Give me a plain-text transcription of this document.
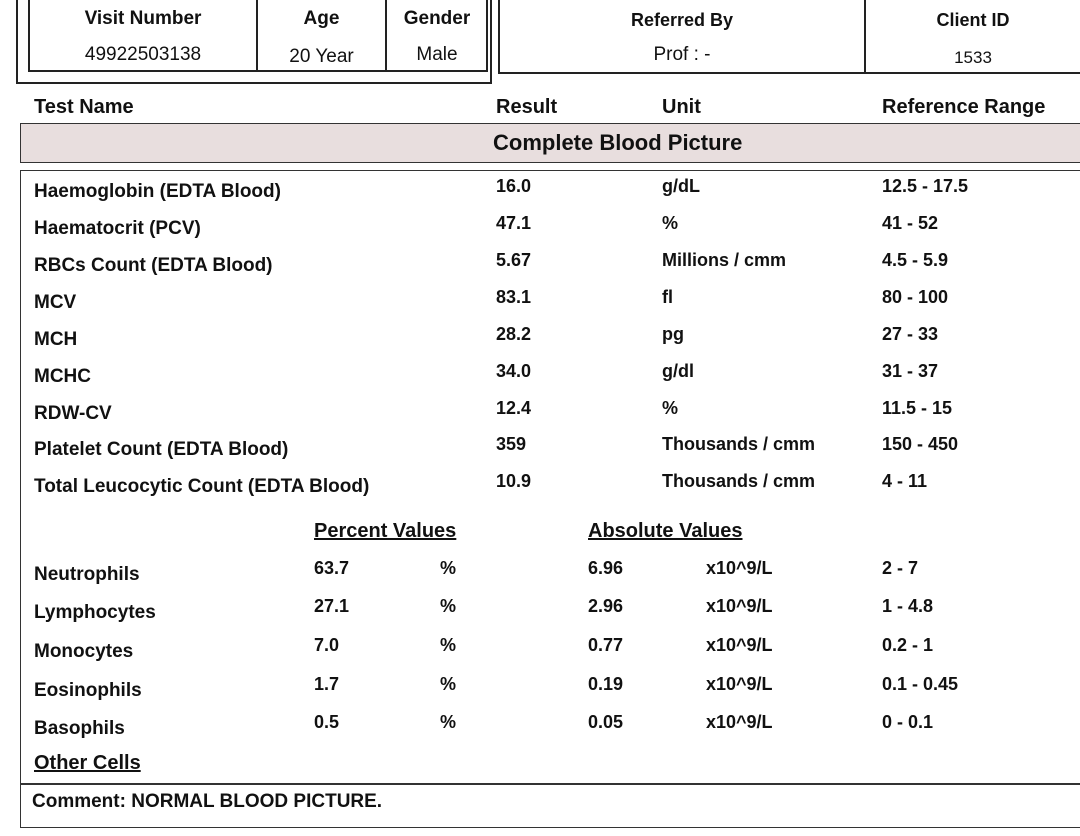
Visit Number
49922503138
Age
20 Year
Gender
Male
Referred By
Prof : -
Client ID
1533
Test Name	Result	Unit	Reference Range
Complete Blood Picture
Haemoglobin (EDTA Blood)	16.0	g/dL	12.5 - 17.5
Haematocrit (PCV)	47.1	%	41 - 52
RBCs Count (EDTA Blood)	5.67	Millions / cmm	4.5 - 5.9
MCV	83.1	fl	80 - 100
MCH	28.2	pg	27 - 33
MCHC	34.0	g/dl	31 - 37
RDW-CV	12.4	%	11.5 - 15
Platelet Count (EDTA Blood)	359	Thousands / cmm	150 - 450
Total Leucocytic Count (EDTA Blood)	10.9	Thousands / cmm	4 - 11
Percent Values	Absolute Values
Neutrophils	63.7	%	6.96	x10^9/L	2 - 7
Lymphocytes	27.1	%	2.96	x10^9/L	1 - 4.8
Monocytes	7.0	%	0.77	x10^9/L	0.2 - 1
Eosinophils	1.7	%	0.19	x10^9/L	0.1 - 0.45
Basophils	0.5	%	0.05	x10^9/L	0 - 0.1
Other Cells
Comment: NORMAL BLOOD PICTURE.
